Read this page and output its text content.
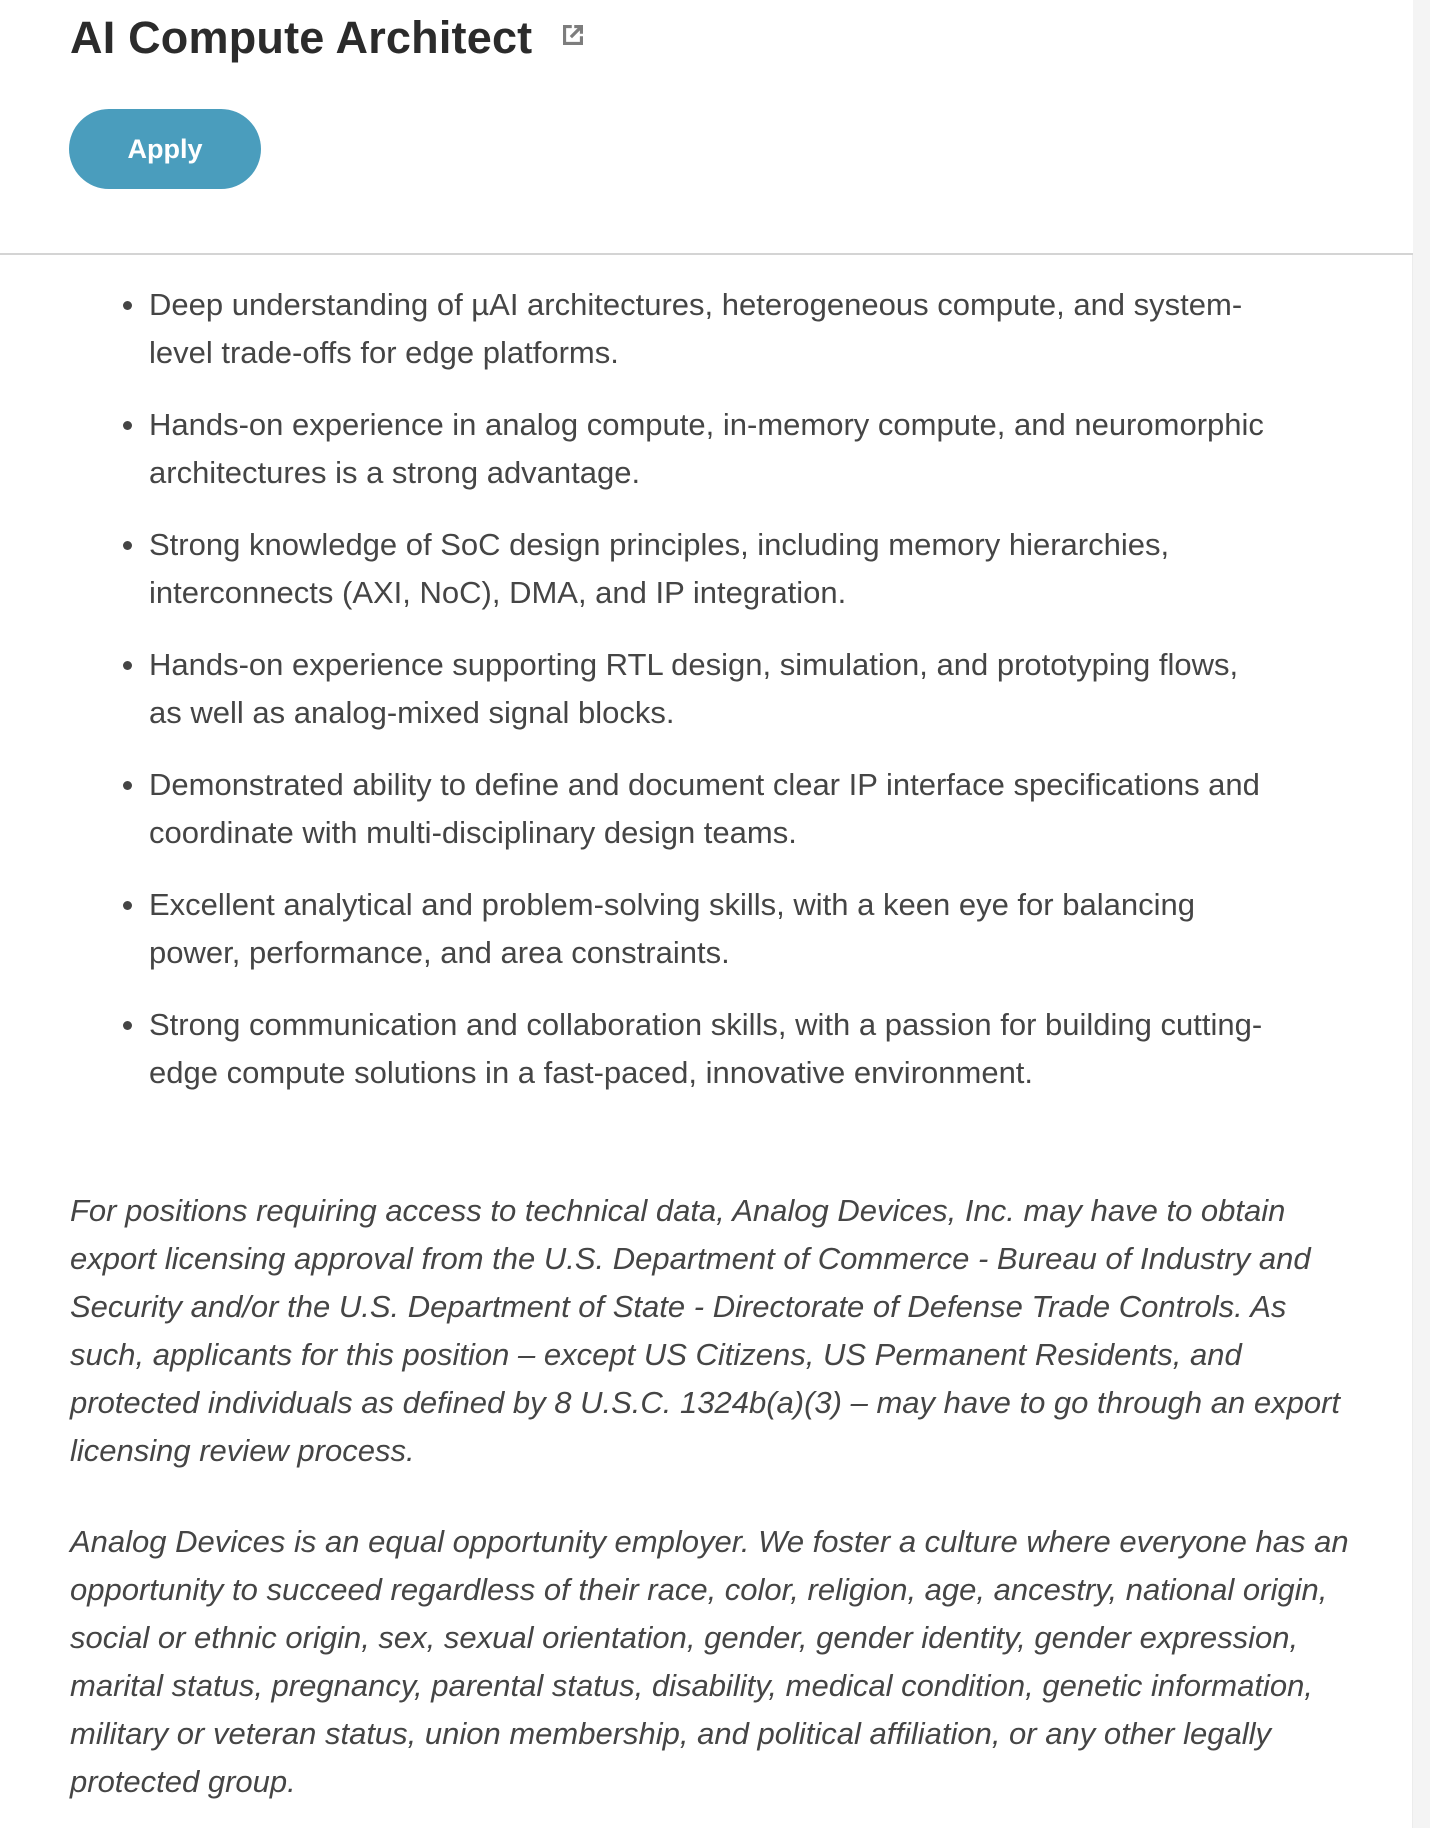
AI Compute Architect
Apply
Deep understanding of µAI architectures, heterogeneous compute, and system-level trade-offs for edge platforms.
Hands-on experience in analog compute, in-memory compute, and neuromorphic architectures is a strong advantage.
Strong knowledge of SoC design principles, including memory hierarchies, interconnects (AXI, NoC), DMA, and IP integration.
Hands-on experience supporting RTL design, simulation, and prototyping flows, as well as analog-mixed signal blocks.
Demonstrated ability to define and document clear IP interface specifications and coordinate with multi-disciplinary design teams.
Excellent analytical and problem-solving skills, with a keen eye for balancing power, performance, and area constraints.
Strong communication and collaboration skills, with a passion for building cutting-edge compute solutions in a fast-paced, innovative environment.

For positions requiring access to technical data, Analog Devices, Inc. may have to obtain export licensing approval from the U.S. Department of Commerce - Bureau of Industry and Security and/or the U.S. Department of State - Directorate of Defense Trade Controls. As such, applicants for this position – except US Citizens, US Permanent Residents, and protected individuals as defined by 8 U.S.C. 1324b(a)(3) – may have to go through an export licensing review process.

Analog Devices is an equal opportunity employer. We foster a culture where everyone has an opportunity to succeed regardless of their race, color, religion, age, ancestry, national origin, social or ethnic origin, sex, sexual orientation, gender, gender identity, gender expression, marital status, pregnancy, parental status, disability, medical condition, genetic information, military or veteran status, union membership, and political affiliation, or any other legally protected group.
